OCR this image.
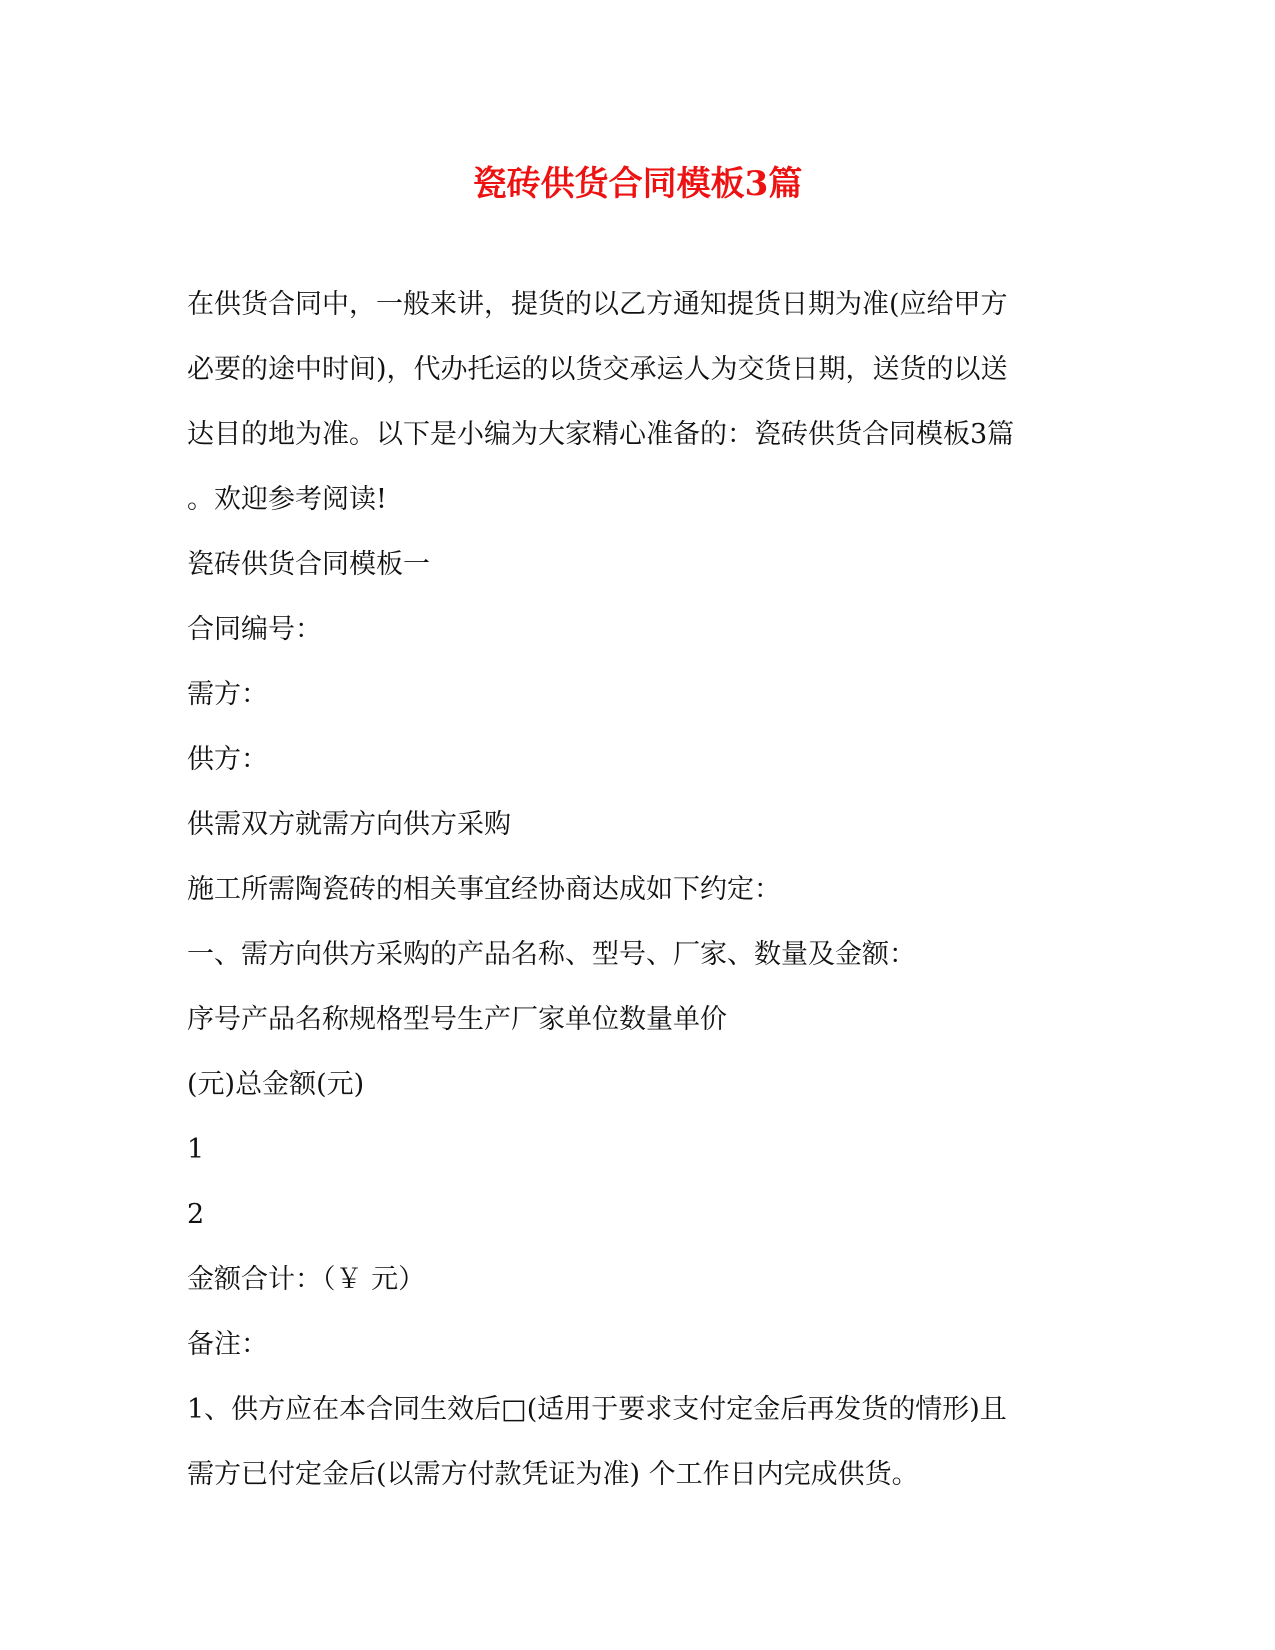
瓷砖供货合同模板3篇

在供货合同中，一般来讲，提货的以乙方通知提货日期为准(应给甲方

必要的途中时间)，代办托运的以货交承运人为交货日期，送货的以送

达目的地为准。以下是小编为大家精心准备的：瓷砖供货合同模板3篇

。欢迎参考阅读!

瓷砖供货合同模板一

合同编号：

需方：

供方：

供需双方就需方向供方采购

施工所需陶瓷砖的相关事宜经协商达成如下约定：

一、需方向供方采购的产品名称、型号、厂家、数量及金额：

序号产品名称规格型号生产厂家单位数量单价

(元)总金额(元)

1

2

金额合计：（￥ 元）

备注：

1、供方应在本合同生效后□(适用于要求支付定金后再发货的情形)且

需方已付定金后(以需方付款凭证为准) 个工作日内完成供货。
